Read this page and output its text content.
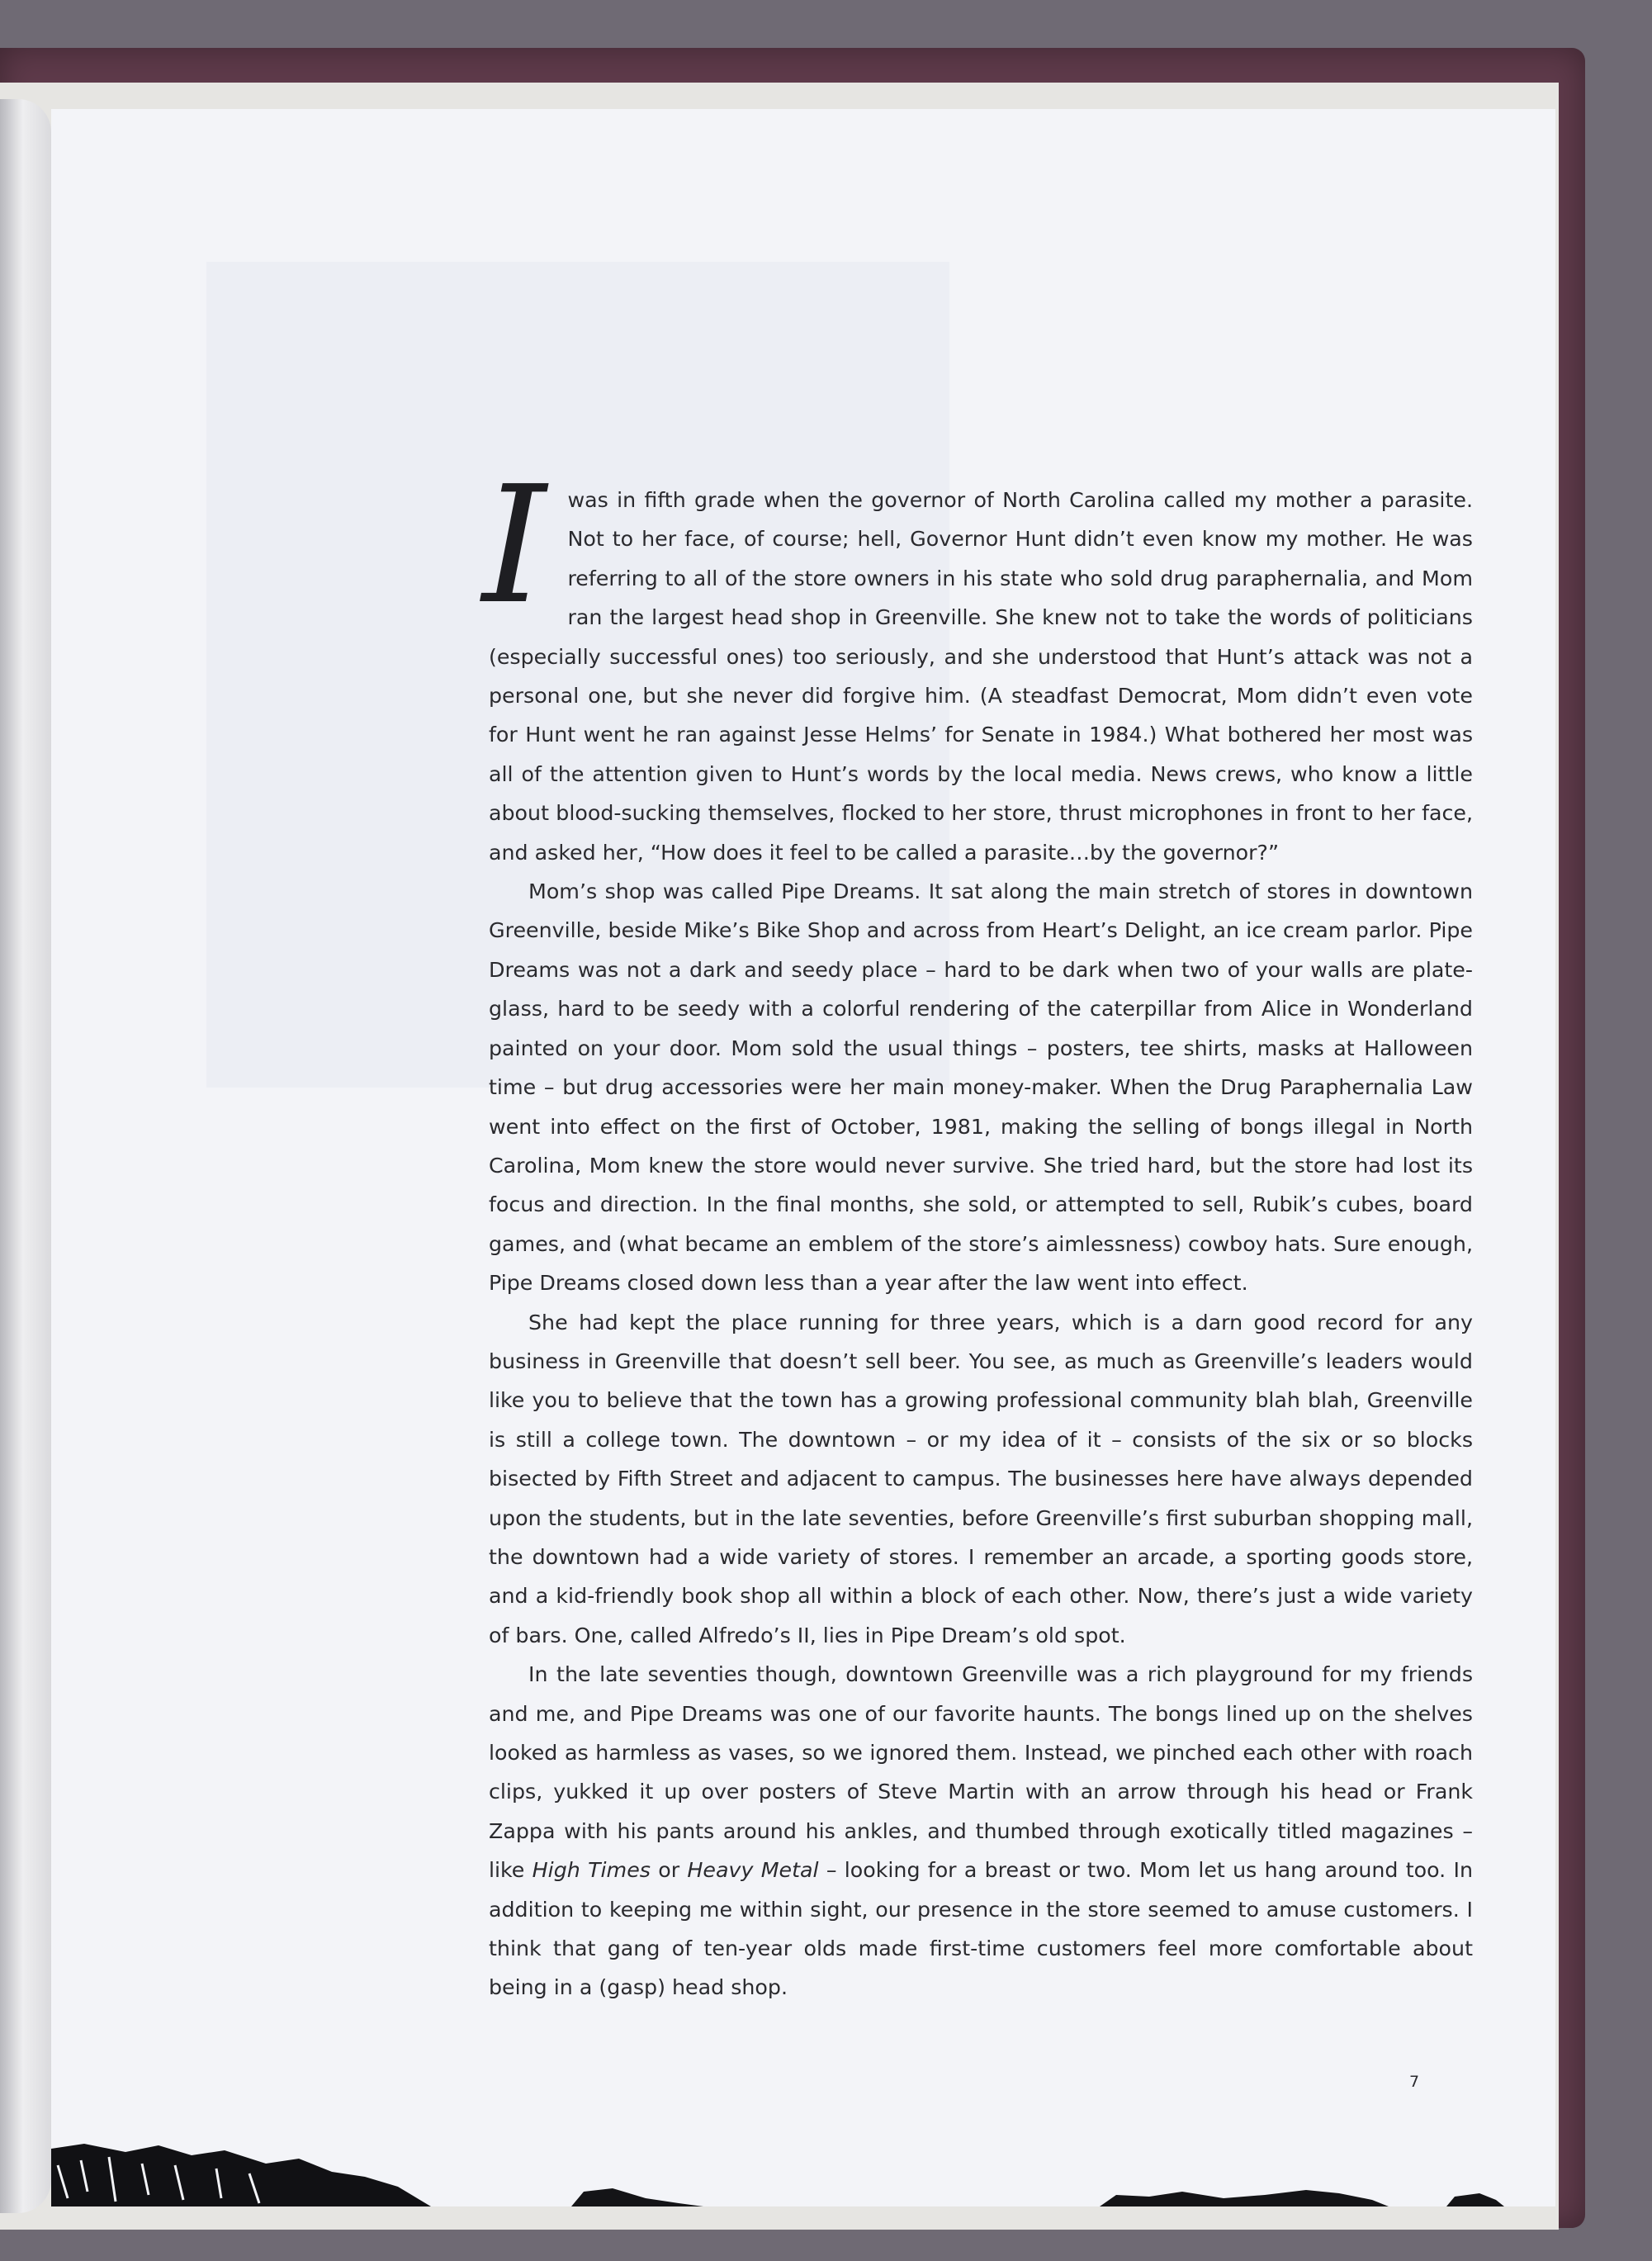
I was in fifth grade when the governor of North Carolina called my mother a parasite. Not to her face, of course; hell, Governor Hunt didn’t even know my mother. He was referring to all of the store owners in his state who sold drug paraphernalia, and Mom ran the largest head shop in Greenville. She knew not to take the words of politicians (especially successful ones) too seriously, and she understood that Hunt’s attack was not a personal one, but she never did forgive him. (A steadfast Democrat, Mom didn’t even vote for Hunt went he ran against Jesse Helms’ for Senate in 1984.) What bothered her most was all of the attention given to Hunt’s words by the local media. News crews, who know a little about blood-sucking themselves, flocked to her store, thrust microphones in front to her face, and asked her, “How does it feel to be called a parasite…by the governor?”

Mom’s shop was called Pipe Dreams. It sat along the main stretch of stores in downtown Greenville, beside Mike’s Bike Shop and across from Heart’s Delight, an ice cream parlor. Pipe Dreams was not a dark and seedy place – hard to be dark when two of your walls are plate-glass, hard to be seedy with a colorful rendering of the caterpillar from Alice in Wonderland painted on your door. Mom sold the usual things – posters, tee shirts, masks at Halloween time – but drug accessories were her main money-maker. When the Drug Paraphernalia Law went into effect on the first of October, 1981, making the selling of bongs illegal in North Carolina, Mom knew the store would never survive. She tried hard, but the store had lost its focus and direction. In the final months, she sold, or attempted to sell, Rubik’s cubes, board games, and (what became an emblem of the store’s aimlessness) cowboy hats. Sure enough, Pipe Dreams closed down less than a year after the law went into effect.

She had kept the place running for three years, which is a darn good record for any business in Greenville that doesn’t sell beer. You see, as much as Greenville’s leaders would like you to believe that the town has a growing professional community blah blah, Greenville is still a college town. The downtown – or my idea of it – consists of the six or so blocks bisected by Fifth Street and adjacent to campus. The businesses here have always depended upon the students, but in the late seventies, before Greenville’s first suburban shopping mall, the downtown had a wide variety of stores. I remember an arcade, a sporting goods store, and a kid-friendly book shop all within a block of each other. Now, there’s just a wide variety of bars. One, called Alfredo’s II, lies in Pipe Dream’s old spot.

In the late seventies though, downtown Greenville was a rich playground for my friends and me, and Pipe Dreams was one of our favorite haunts. The bongs lined up on the shelves looked as harmless as vases, so we ignored them. Instead, we pinched each other with roach clips, yukked it up over posters of Steve Martin with an arrow through his head or Frank Zappa with his pants around his ankles, and thumbed through exotically titled magazines – like High Times or Heavy Metal – looking for a breast or two. Mom let us hang around too. In addition to keeping me within sight, our presence in the store seemed to amuse customers. I think that gang of ten-year olds made first-time customers feel more comfortable about being in a (gasp) head shop.

7
